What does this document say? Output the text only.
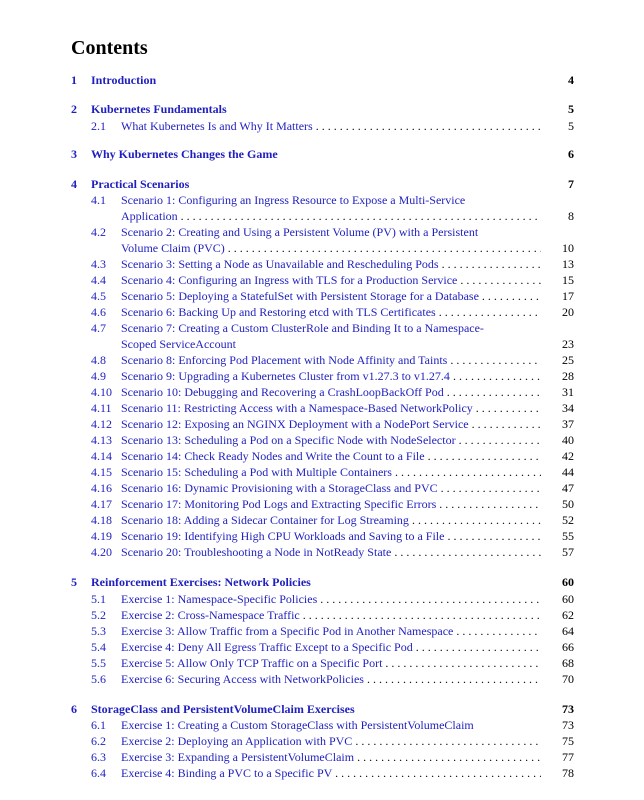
Contents
1 Introduction	4
2 Kubernetes Fundamentals	5
2.1 What Kubernetes Is and Why It Matters . . .	5
3 Why Kubernetes Changes the Game	6
4 Practical Scenarios	7
4.1 Scenario 1: Configuring an Ingress Resource to Expose a Multi-Service
Application . . .	8
4.2 Scenario 2: Creating and Using a Persistent Volume (PV) with a Persistent
Volume Claim (PVC) . . .	10
4.3 Scenario 3: Setting a Node as Unavailable and Rescheduling Pods . . .	13
4.4 Scenario 4: Configuring an Ingress with TLS for a Production Service . . .	15
4.5 Scenario 5: Deploying a StatefulSet with Persistent Storage for a Database . . .	17
4.6 Scenario 6: Backing Up and Restoring etcd with TLS Certificates . . .	20
4.7 Scenario 7: Creating a Custom ClusterRole and Binding It to a Namespace-
Scoped ServiceAccount	23
4.8 Scenario 8: Enforcing Pod Placement with Node Affinity and Taints . . .	25
4.9 Scenario 9: Upgrading a Kubernetes Cluster from v1.27.3 to v1.27.4 . . .	28
4.10 Scenario 10: Debugging and Recovering a CrashLoopBackOff Pod . . .	31
4.11 Scenario 11: Restricting Access with a Namespace-Based NetworkPolicy . . .	34
4.12 Scenario 12: Exposing an NGINX Deployment with a NodePort Service . . .	37
4.13 Scenario 13: Scheduling a Pod on a Specific Node with NodeSelector . . .	40
4.14 Scenario 14: Check Ready Nodes and Write the Count to a File . . .	42
4.15 Scenario 15: Scheduling a Pod with Multiple Containers . . .	44
4.16 Scenario 16: Dynamic Provisioning with a StorageClass and PVC . . .	47
4.17 Scenario 17: Monitoring Pod Logs and Extracting Specific Errors . . .	50
4.18 Scenario 18: Adding a Sidecar Container for Log Streaming . . .	52
4.19 Scenario 19: Identifying High CPU Workloads and Saving to a File . . .	55
4.20 Scenario 20: Troubleshooting a Node in NotReady State . . .	57
5 Reinforcement Exercises: Network Policies	60
5.1 Exercise 1: Namespace-Specific Policies . . .	60
5.2 Exercise 2: Cross-Namespace Traffic . . .	62
5.3 Exercise 3: Allow Traffic from a Specific Pod in Another Namespace . . .	64
5.4 Exercise 4: Deny All Egress Traffic Except to a Specific Pod . . .	66
5.5 Exercise 5: Allow Only TCP Traffic on a Specific Port . . .	68
5.6 Exercise 6: Securing Access with NetworkPolicies . . .	70
6 StorageClass and PersistentVolumeClaim Exercises	73
6.1 Exercise 1: Creating a Custom StorageClass with PersistentVolumeClaim	73
6.2 Exercise 2: Deploying an Application with PVC . . .	75
6.3 Exercise 3: Expanding a PersistentVolumeClaim . . .	77
6.4 Exercise 4: Binding a PVC to a Specific PV . . .	78
